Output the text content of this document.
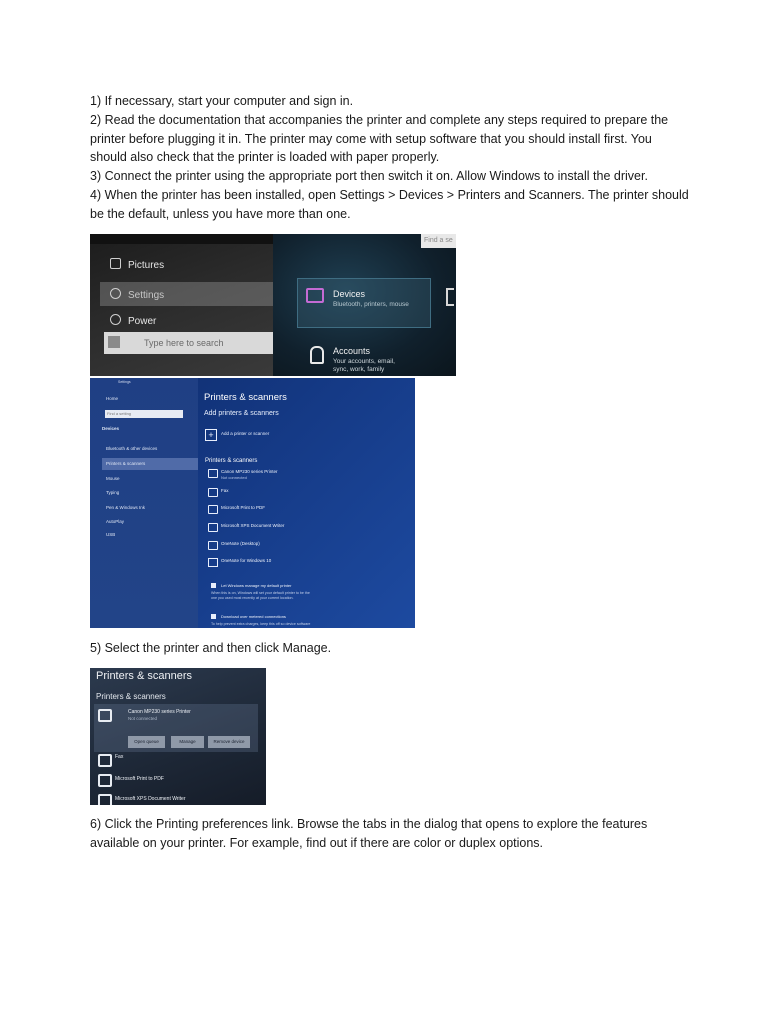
1) If necessary, start your computer and sign in.

2) Read the documentation that accompanies the printer and complete any steps required to prepare the printer before plugging it in. The printer may come with setup software that you should install first. You should also check that the printer is loaded with paper properly.

3) Connect the printer using the appropriate port then switch it on. Allow Windows to install the driver.

4) When the printer has been installed, open Settings > Devices > Printers and Scanners. The printer should be the default, unless you have more than one.

Pictures
Settings
Power
Type here to search
Find a se
Devices
Bluetooth, printers, mouse
Accounts
Your accounts, email, sync, work, family
Settings
Home
Find a setting
Devices
Bluetooth & other devices
Printers & scanners
Mouse
Typing
Pen & Windows Ink
AutoPlay
USB
Printers & scanners
Add printers & scanners
+	Add a printer or scanner
Printers & scanners
Canon MP230 series Printer
Not connected
Fax
Microsoft Print to PDF
Microsoft XPS Document Writer
OneNote (Desktop)
OneNote for Windows 10
Let Windows manage my default printer
When this is on, Windows will set your default printer to be the
one you used most recently at your current location.
Download over metered connections
To help prevent extra charges, keep this off so device software

5) Select the printer and then click Manage.

Printers & scanners
Printers & scanners
Canon MP230 series Printer
Not connected
Open queue	Manage	Remove device
Fax
Microsoft Print to PDF
Microsoft XPS Document Writer

6) Click the Printing preferences link. Browse the tabs in the dialog that opens to explore the features available on your printer. For example, find out if there are color or duplex options.
